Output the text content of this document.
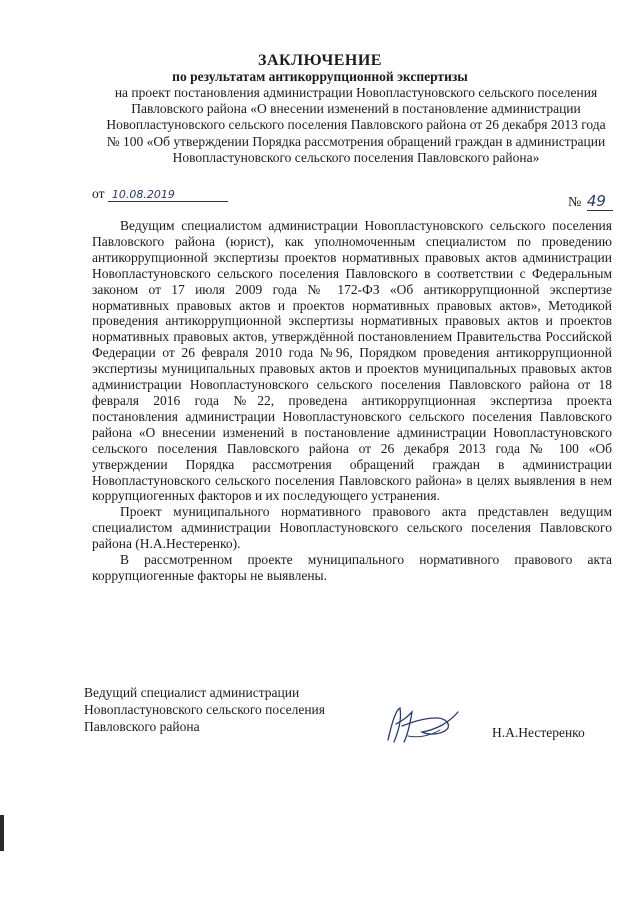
ЗАКЛЮЧЕНИЕ
по результатам антикоррупционной экспертизы
на проект постановления администрации Новопластуновского сельского поселения Павловского района «О внесении изменений в постановление администрации Новопластуновского сельского поселения Павловского района от 26 декабря 2013 года № 100 «Об утверждении Порядка рассмотрения обращений граждан в администрации Новопластуновского сельского поселения Павловского района»
от 10.08.2019
№ 49

Ведущим специалистом администрации Новопластуновского сельского поселения Павловского района (юрист), как уполномоченным специалистом по проведению антикоррупционной экспертизы проектов нормативных правовых актов администрации Новопластуновского сельского поселения Павловского в соответствии с Федеральным законом от 17 июля 2009 года № 172-ФЗ «Об антикоррупционной экспертизе нормативных правовых актов и проектов нормативных правовых актов», Методикой проведения антикоррупционной экспертизы нормативных правовых актов и проектов нормативных правовых актов, утверждённой постановлением Правительства Российской Федерации от 26 февраля 2010 года №96, Порядком проведения антикоррупционной экспертизы муниципальных правовых актов и проектов муниципальных правовых актов администрации Новопластуновского сельского поселения Павловского района от 18 февраля 2016 года №22, проведена антикоррупционная экспертиза проекта постановления администрации Новопластуновского сельского поселения Павловского района «О внесении изменений в постановление администрации Новопластуновского сельского поселения Павловского района от 26 декабря 2013 года № 100 «Об утверждении Порядка рассмотрения обращений граждан в администрации Новопластуновского сельского поселения Павловского района» в целях выявления в нем коррупциогенных факторов и их последующего устранения.

Проект муниципального нормативного правового акта представлен ведущим специалистом администрации Новопластуновского сельского поселения Павловского района (Н.А.Нестеренко).

В рассмотренном проекте муниципального нормативного правового акта коррупциогенные факторы не выявлены.

Ведущий специалист администрации
Новопластуновского сельского поселения
Павловского района	Н.А.Нестеренко
